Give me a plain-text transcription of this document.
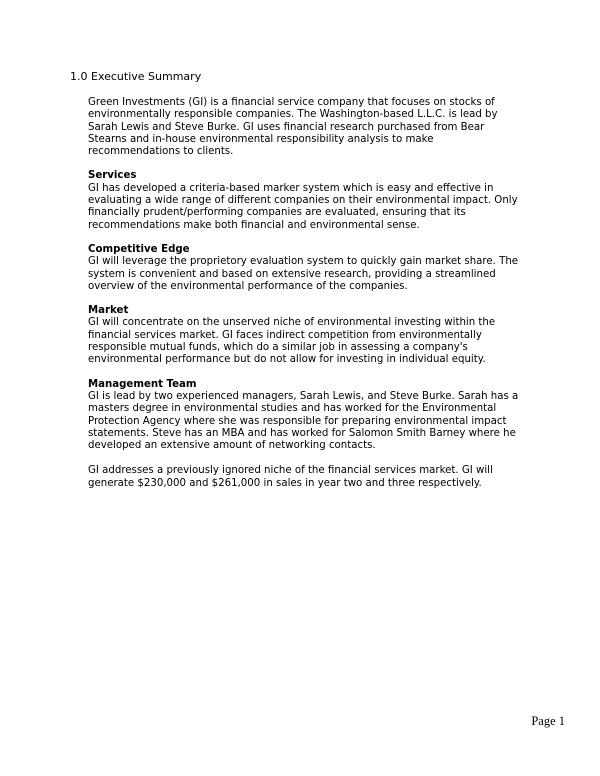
1.0 Executive Summary

Green Investments (GI) is a financial service company that focuses on stocks of environmentally responsible companies. The Washington-based L.L.C. is lead by Sarah Lewis and Steve Burke. GI uses financial research purchased from Bear Stearns and in-house environmental responsibility analysis to make recommendations to clients.

Services

GI has developed a criteria-based marker system which is easy and effective in evaluating a wide range of different companies on their environmental impact. Only financially prudent/performing companies are evaluated, ensuring that its recommendations make both financial and environmental sense.

Competitive Edge

GI will leverage the proprietory evaluation system to quickly gain market share. The system is convenient and based on extensive research, providing a streamlined overview of the environmental performance of the companies.

Market

GI will concentrate on the unserved niche of environmental investing within the financial services market. GI faces indirect competition from environmentally responsible mutual funds, which do a similar job in assessing a company's environmental performance but do not allow for investing in individual equity.

Management Team

GI is lead by two experienced managers, Sarah Lewis, and Steve Burke. Sarah has a masters degree in environmental studies and has worked for the Environmental Protection Agency where she was responsible for preparing environmental impact statements. Steve has an MBA and has worked for Salomon Smith Barney where he developed an extensive amount of networking contacts.

GI addresses a previously ignored niche of the financial services market. GI will generate $230,000 and $261,000 in sales in year two and three respectively.

Page 1
